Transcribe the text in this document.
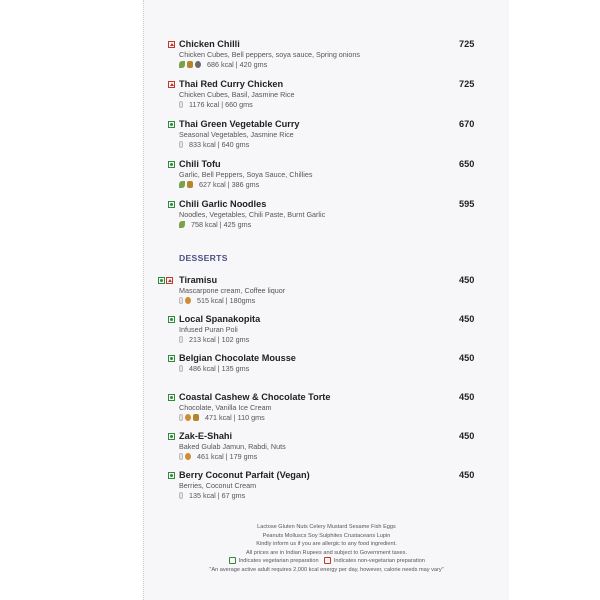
Chicken Chilli	725
Chicken Cubes, Bell peppers, soya sauce, Spring onions
686 kcal | 420 gms
Thai Red Curry Chicken	725
Chicken Cubes, Basil, Jasmine Rice
1176 kcal | 660 gms
Thai Green Vegetable Curry	670
Seasonal Vegetables, Jasmine Rice
833 kcal | 640 gms
Chili Tofu	650
Garlic, Bell Peppers, Soya Sauce, Chillies
627 kcal | 386 gms
Chili Garlic Noodles	595
Noodles, Vegetables, Chili Paste, Burnt Garlic
758 kcal | 425 gms
DESSERTS
Tiramisu	450
Mascarpone cream, Coffee liquor
515 kcal | 180gms
Local Spanakopita	450
Infused Puran Poli
213 kcal | 102 gms
Belgian Chocolate Mousse	450
486 kcal | 135 gms
Coastal Cashew & Chocolate Torte	450
Chocolate, Vanilla Ice Cream
471 kcal | 110 gms
Zak-E-Shahi	450
Baked Gulab Jamun, Rabdi, Nuts
461 kcal | 179 gms
Berry Coconut Parfait (Vegan)	450
Berries, Coconut Cream
135 kcal | 67 gms
Lactose Gluten Nuts Celery Mustard Sesame Fish Eggs
Peanuts Molluscs Soy Sulphites Crustaceans Lupin
Kindly inform us if you are allergic to any food ingredient.
All prices are in Indian Rupees and subject to Government taxes.
Indicates vegetarian preparation	Indicates non-vegetarian preparation
"An average active adult requires 2,000 kcal energy per day, however, calorie needs may vary"
